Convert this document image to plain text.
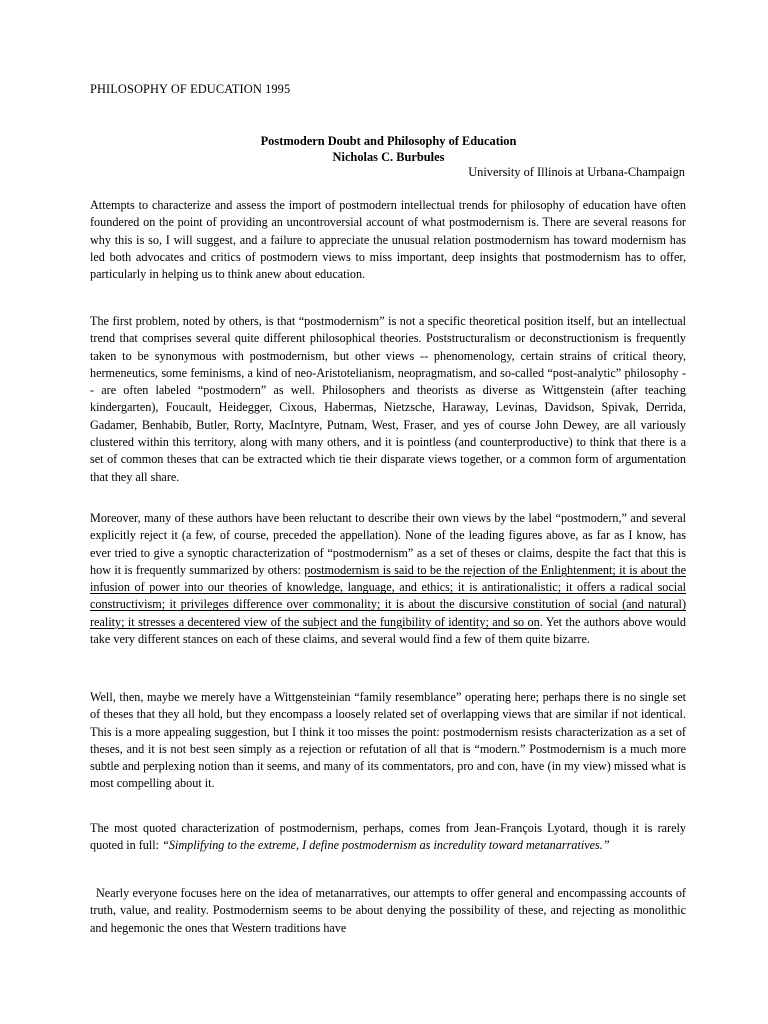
PHILOSOPHY OF EDUCATION 1995
Postmodern Doubt and Philosophy of Education
Nicholas C. Burbules
University of Illinois at Urbana-Champaign

Attempts to characterize and assess the import of postmodern intellectual trends for philosophy of education have often foundered on the point of providing an uncontroversial account of what postmodernism is. There are several reasons for why this is so, I will suggest, and a failure to appreciate the unusual relation postmodernism has toward modernism has led both advocates and critics of postmodern views to miss important, deep insights that postmodernism has to offer, particularly in helping us to think anew about education.

The first problem, noted by others, is that “postmodernism” is not a specific theoretical position itself, but an intellectual trend that comprises several quite different philosophical theories. Poststructuralism or deconstructionism is frequently taken to be synonymous with postmodernism, but other views -- phenomenology, certain strains of critical theory, hermeneutics, some feminisms, a kind of neo-Aristotelianism, neopragmatism, and so-called “post-analytic” philosophy -- are often labeled “postmodern” as well. Philosophers and theorists as diverse as Wittgenstein (after teaching kindergarten), Foucault, Heidegger, Cixous, Habermas, Nietzsche, Haraway, Levinas, Davidson, Spivak, Derrida, Gadamer, Benhabib, Butler, Rorty, MacIntyre, Putnam, West, Fraser, and yes of course John Dewey, are all variously clustered within this territory, along with many others, and it is pointless (and counterproductive) to think that there is a set of common theses that can be extracted which tie their disparate views together, or a common form of argumentation that they all share.

Moreover, many of these authors have been reluctant to describe their own views by the label “postmodern,” and several explicitly reject it (a few, of course, preceded the appellation). None of the leading figures above, as far as I know, has ever tried to give a synoptic characterization of “postmodernism” as a set of theses or claims, despite the fact that this is how it is frequently summarized by others: postmodernism is said to be the rejection of the Enlightenment; it is about the infusion of power into our theories of knowledge, language, and ethics; it is antirationalistic; it offers a radical social constructivism; it privileges difference over commonality; it is about the discursive constitution of social (and natural) reality; it stresses a decentered view of the subject and the fungibility of identity; and so on. Yet the authors above would take very different stances on each of these claims, and several would find a few of them quite bizarre.

Well, then, maybe we merely have a Wittgensteinian “family resemblance” operating here; perhaps there is no single set of theses that they all hold, but they encompass a loosely related set of overlapping views that are similar if not identical. This is a more appealing suggestion, but I think it too misses the point: postmodernism resists characterization as a set of theses, and it is not best seen simply as a rejection or refutation of all that is “modern.” Postmodernism is a much more subtle and perplexing notion than it seems, and many of its commentators, pro and con, have (in my view) missed what is most compelling about it.

The most quoted characterization of postmodernism, perhaps, comes from Jean-François Lyotard, though it is rarely quoted in full: “Simplifying to the extreme, I define postmodernism as incredulity toward metanarratives.”

Nearly everyone focuses here on the idea of metanarratives, our attempts to offer general and encompassing accounts of truth, value, and reality. Postmodernism seems to be about denying the possibility of these, and rejecting as monolithic and hegemonic the ones that Western traditions have
